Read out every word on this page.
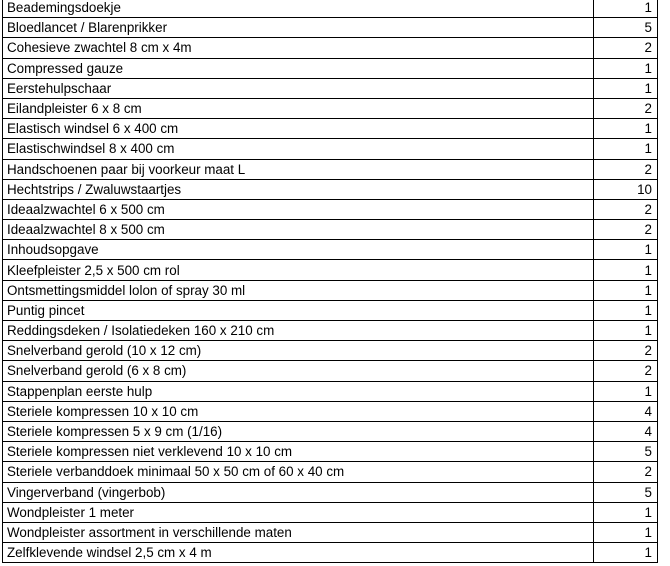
Beademingsdoekje	1
Bloedlancet / Blarenprikker	5
Cohesieve zwachtel 8 cm x 4m	2
Compressed gauze	1
Eerstehulpschaar	1
Eilandpleister 6 x 8 cm	2
Elastisch windsel 6 x 400 cm	1
Elastischwindsel 8 x 400 cm	1
Handschoenen paar bij voorkeur maat L	2
Hechtstrips / Zwaluwstaartjes	10
Ideaalzwachtel 6 x 500 cm	2
Ideaalzwachtel 8 x 500 cm	2
Inhoudsopgave	1
Kleefpleister 2,5 x 500 cm rol	1
Ontsmettingsmiddel lolon of spray 30 ml	1
Puntig pincet	1
Reddingsdeken / Isolatiedeken 160 x 210 cm	1
Snelverband gerold (10 x 12 cm)	2
Snelverband gerold (6 x 8 cm)	2
Stappenplan eerste hulp	1
Steriele kompressen 10 x 10 cm	4
Steriele kompressen 5 x 9 cm (1/16)	4
Steriele kompressen niet verklevend 10 x 10 cm	5
Steriele verbanddoek minimaal 50 x 50 cm of 60 x 40 cm	2
Vingerverband (vingerbob)	5
Wondpleister 1 meter	1
Wondpleister assortment in verschillende maten	1
Zelfklevende windsel 2,5 cm x 4 m	1
